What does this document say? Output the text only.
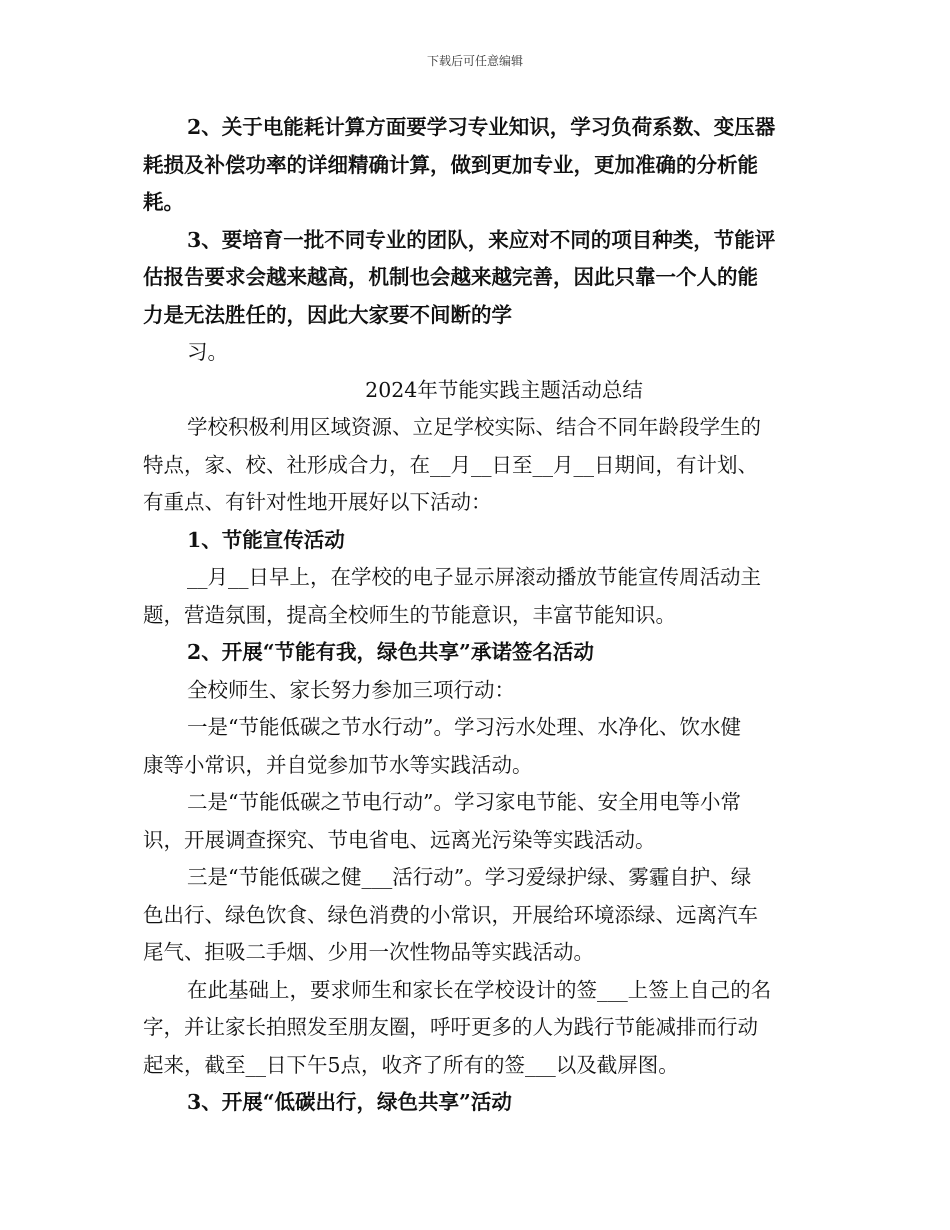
下载后可任意编辑

2、关于电能耗计算方面要学习专业知识，学习负荷系数、变压器

耗损及补偿功率的详细精确计算，做到更加专业，更加准确的分析能

耗。

3、要培育一批不同专业的团队，来应对不同的项目种类，节能评

估报告要求会越来越高，机制也会越来越完善，因此只靠一个人的能

力是无法胜任的，因此大家要不间断的学

习。

2024年节能实践主题活动总结

学校积极利用区域资源、立足学校实际、结合不同年龄段学生的

特点，家、校、社形成合力，在__月__日至__月__日期间，有计划、

有重点、有针对性地开展好以下活动：

1、节能宣传活动

__月__日早上，在学校的电子显示屏滚动播放节能宣传周活动主

题，营造氛围，提高全校师生的节能意识，丰富节能知识。

2、开展“节能有我，绿色共享”承诺签名活动

全校师生、家长努力参加三项行动：

一是“节能低碳之节水行动”。学习污水处理、水净化、饮水健

康等小常识，并自觉参加节水等实践活动。

二是“节能低碳之节电行动”。学习家电节能、安全用电等小常

识，开展调查探究、节电省电、远离光污染等实践活动。

三是“节能低碳之健___活行动”。学习爱绿护绿、雾霾自护、绿

色出行、绿色饮食、绿色消费的小常识，开展给环境添绿、远离汽车

尾气、拒吸二手烟、少用一次性物品等实践活动。

在此基础上，要求师生和家长在学校设计的签___上签上自己的名

字，并让家长拍照发至朋友圈，呼吁更多的人为践行节能减排而行动

起来，截至__日下午5点，收齐了所有的签___以及截屏图。

3、开展“低碳出行，绿色共享”活动
